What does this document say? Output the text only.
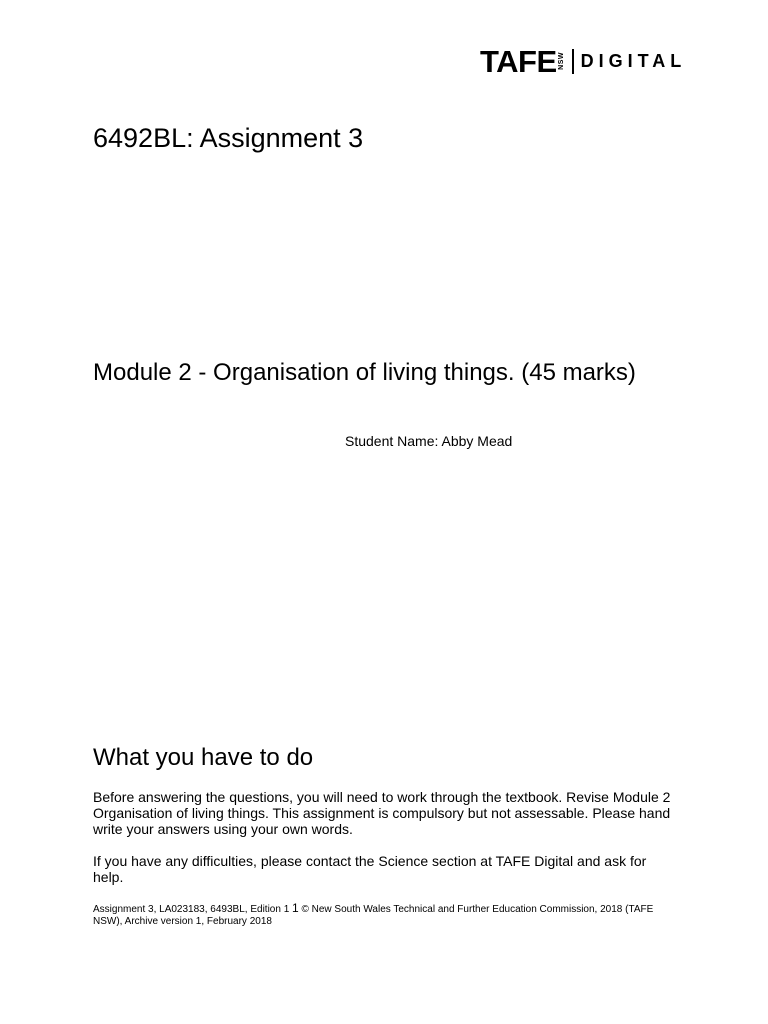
TAFE NSW DIGITAL
6492BL: Assignment 3
Module 2 - Organisation of living things. (45 marks)
Student Name: Abby Mead
What you have to do

Before answering the questions, you will need to work through the textbook. Revise Module 2 Organisation of living things. This assignment is compulsory but not assessable. Please hand write your answers using your own words.

If you have any difficulties, please contact the Science section at TAFE Digital and ask for help.

Assignment 3, LA023183, 6493BL, Edition 1 1 © New South Wales Technical and Further Education Commission, 2018 (TAFE NSW), Archive version 1, February 2018
